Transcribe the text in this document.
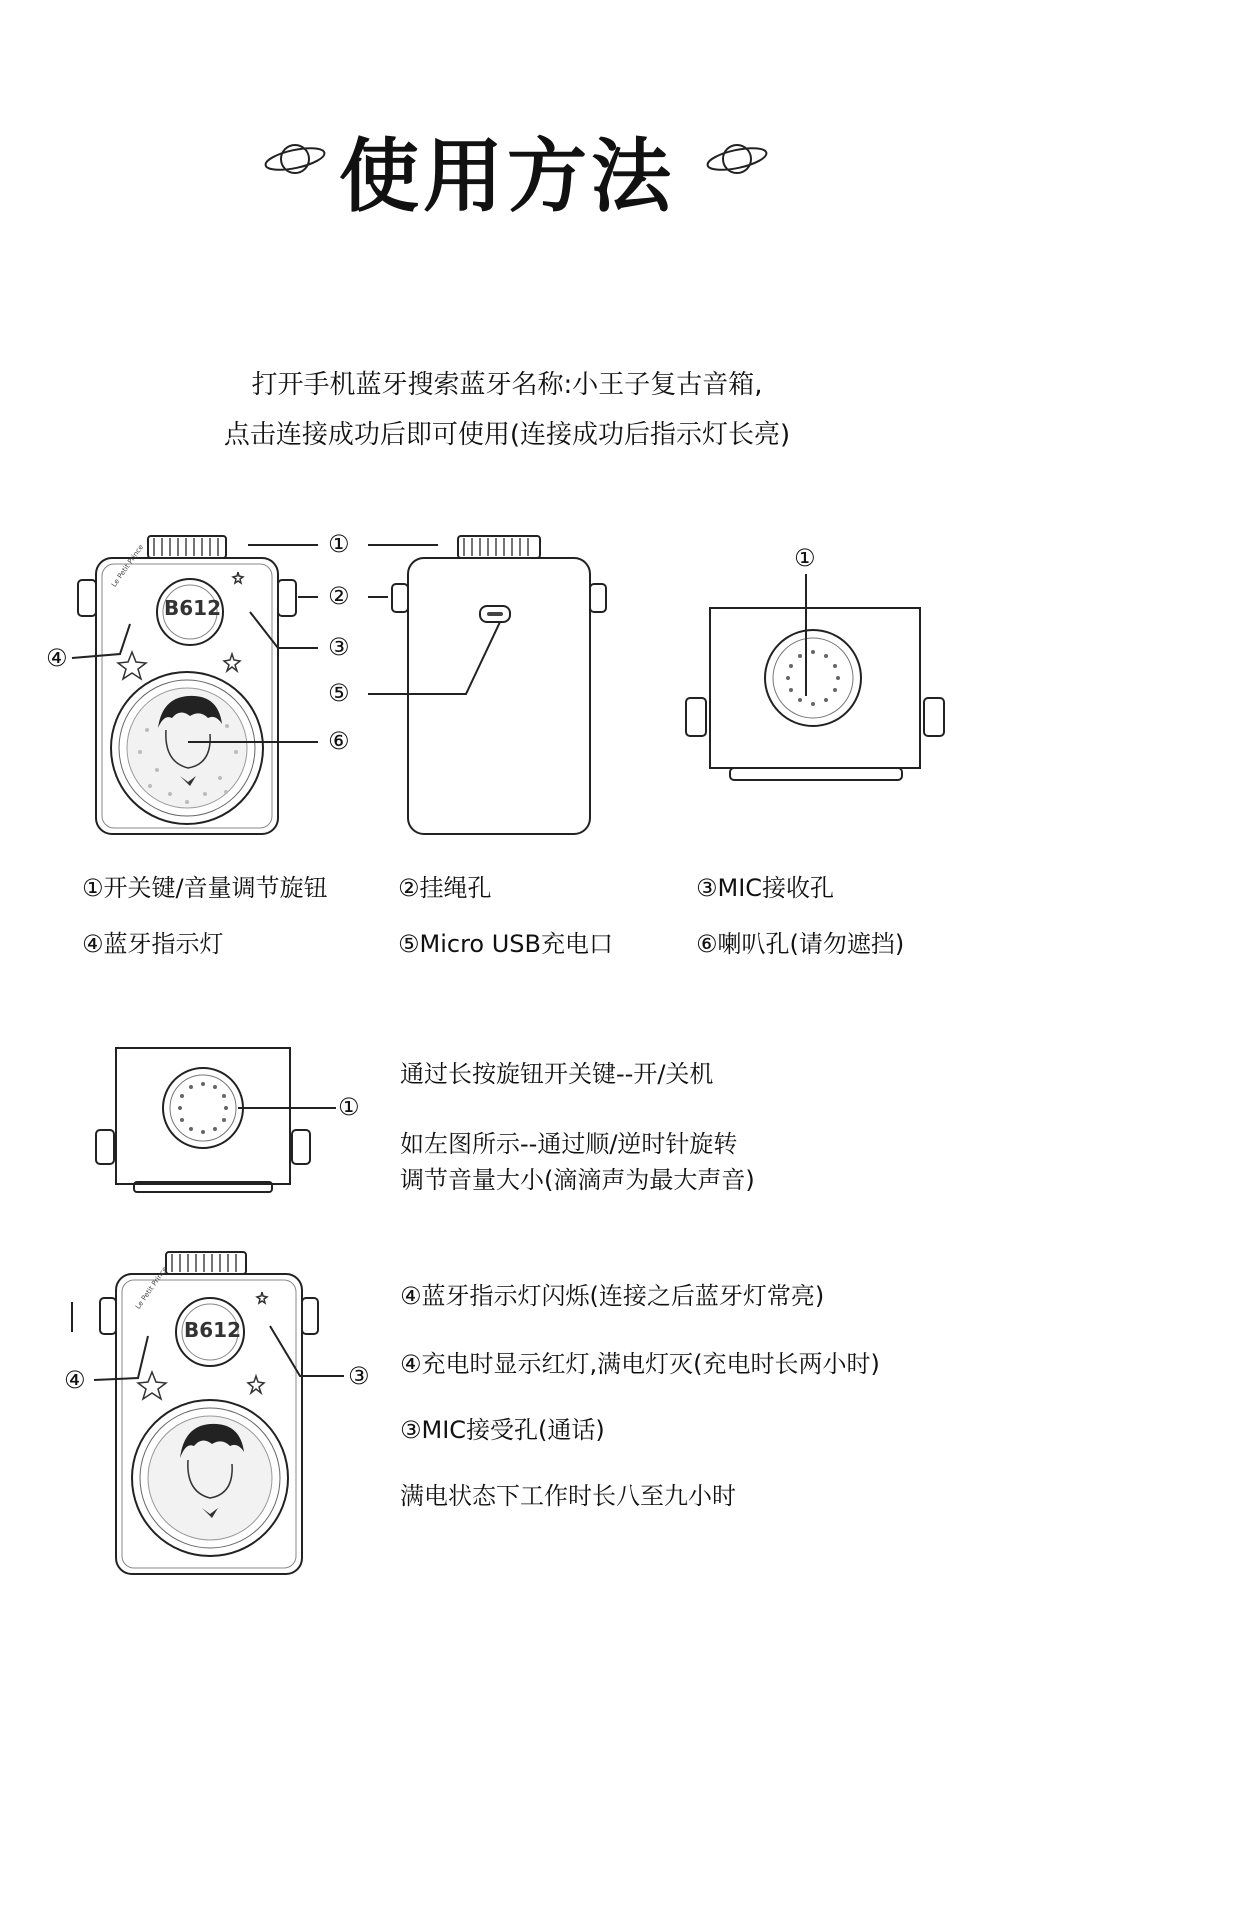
使用方法
打开手机蓝牙搜索蓝牙名称:小王子复古音箱,
点击连接成功后即可使用(连接成功后指示灯长亮)
B612
Le Petit Prince	①
②
③
④
⑤
⑥
①
①开关键/音量调节旋钮	②挂绳孔	③MIC接收孔
④蓝牙指示灯	⑤Micro USB充电口	⑥喇叭孔(请勿遮挡)
①
通过长按旋钮开关键--开/关机
如左图所示--通过顺/逆时针旋转
调节音量大小(滴滴声为最大声音)
B612
Le Petit Prince
④	③
④蓝牙指示灯闪烁(连接之后蓝牙灯常亮)
④充电时显示红灯,满电灯灭(充电时长两小时)
③MIC接受孔(通话)
满电状态下工作时长八至九小时
